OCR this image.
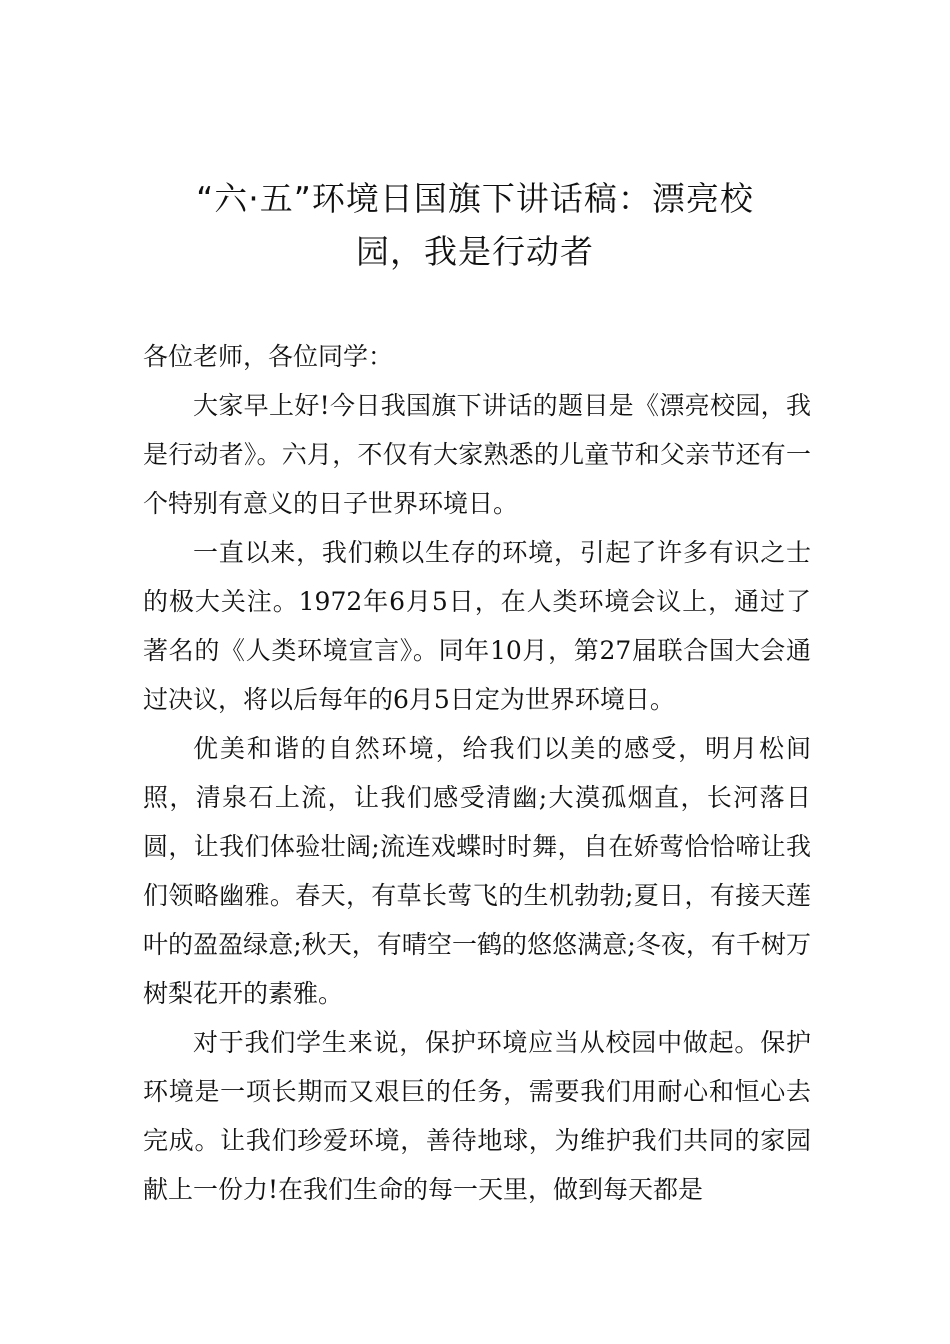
“六·五”环境日国旗下讲话稿：漂亮校
园，我是行动者

各位老师，各位同学：

大家早上好!今日我国旗下讲话的题目是《漂亮校园，我是行动者》。六月，不仅有大家熟悉的儿童节和父亲节还有一个特别有意义的日子世界环境日。

一直以来，我们赖以生存的环境，引起了许多有识之士的极大关注。1972年6月5日，在人类环境会议上，通过了著名的《人类环境宣言》。同年10月，第27届联合国大会通过决议，将以后每年的6月5日定为世界环境日。

优美和谐的自然环境，给我们以美的感受，明月松间照，清泉石上流，让我们感受清幽;大漠孤烟直，长河落日圆，让我们体验壮阔;流连戏蝶时时舞，自在娇莺恰恰啼让我们领略幽雅。春天，有草长莺飞的生机勃勃;夏日，有接天莲叶的盈盈绿意;秋天，有晴空一鹤的悠悠满意;冬夜，有千树万树梨花开的素雅。

对于我们学生来说，保护环境应当从校园中做起。保护环境是一项长期而又艰巨的任务，需要我们用耐心和恒心去完成。让我们珍爱环境，善待地球，为维护我们共同的家园献上一份力!在我们生命的每一天里，做到每天都是
